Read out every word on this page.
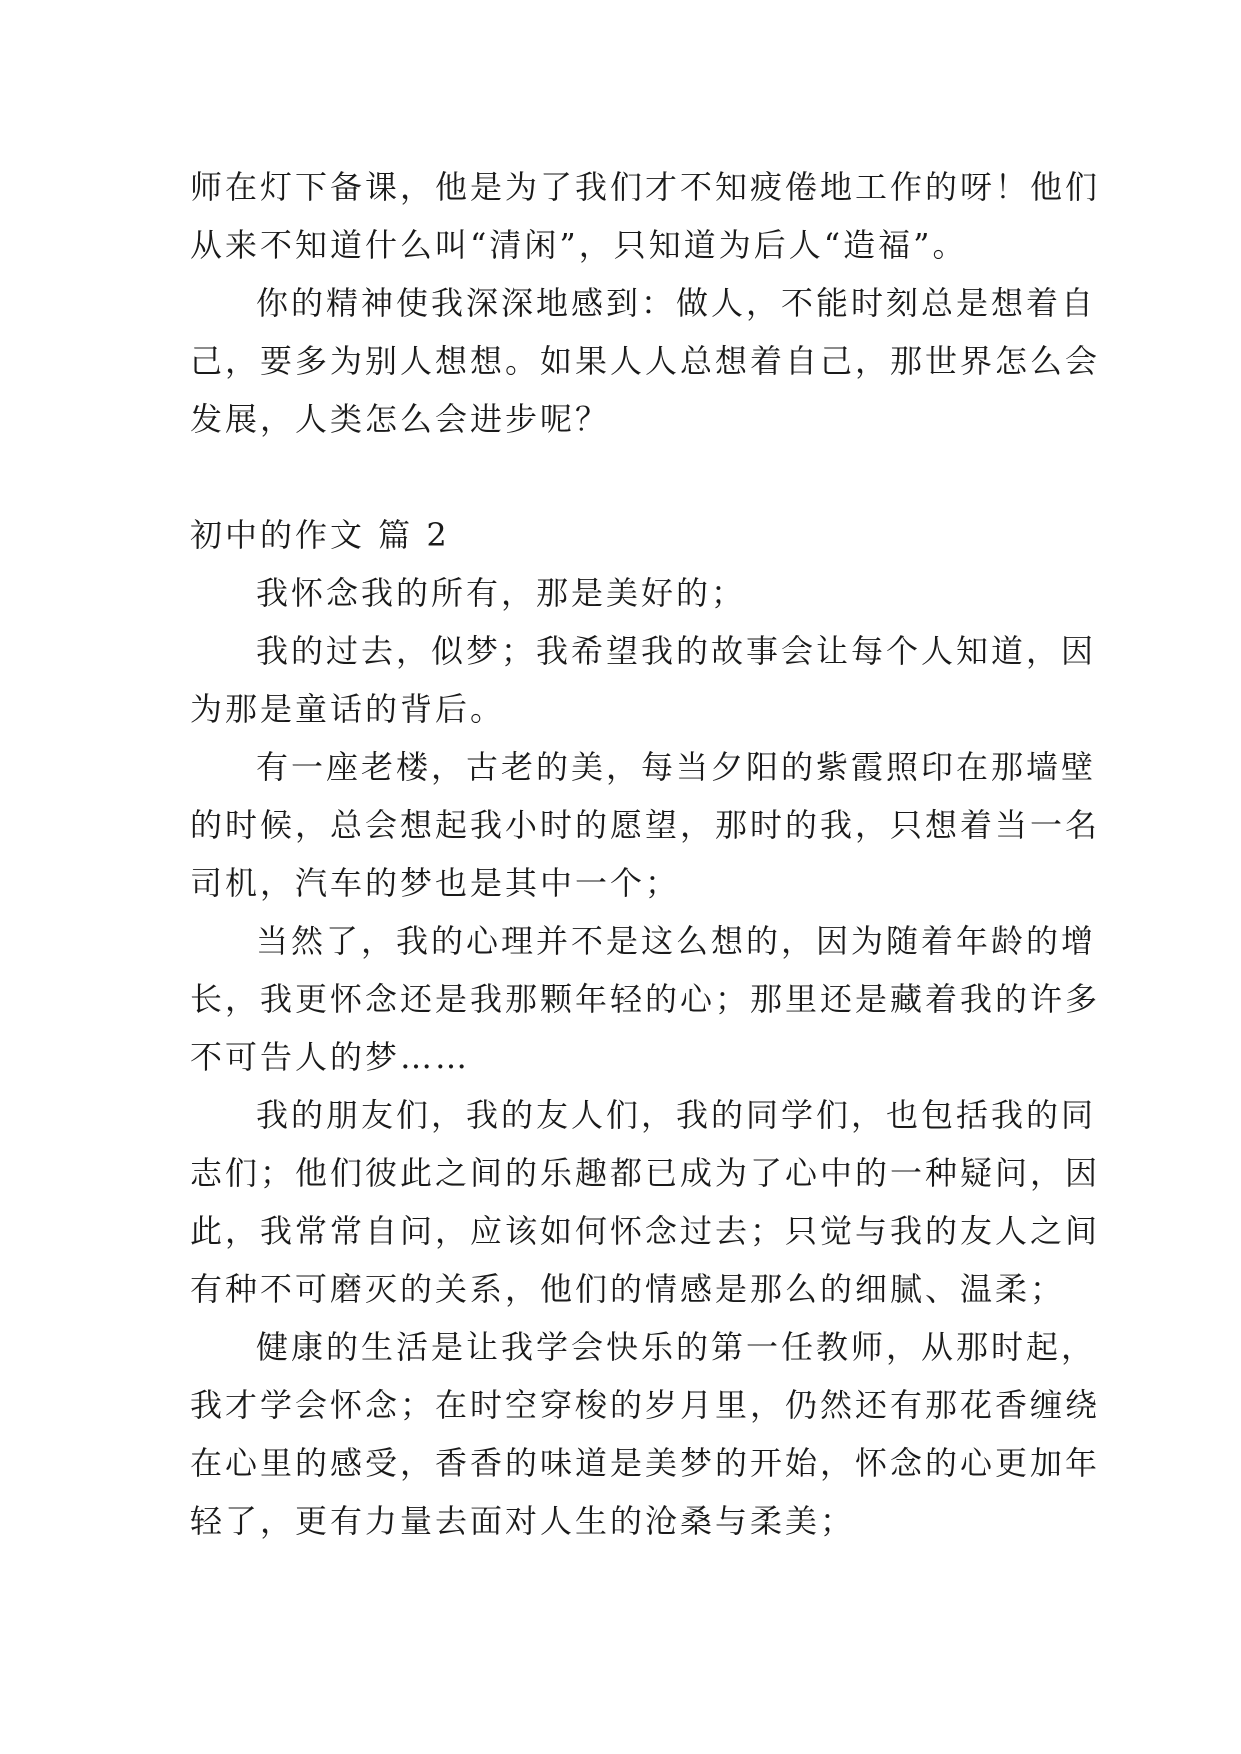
师在灯下备课，他是为了我们才不知疲倦地工作的呀！他们
从来不知道什么叫“清闲”，只知道为后人“造福”。
你的精神使我深深地感到：做人，不能时刻总是想着自
己，要多为别人想想。如果人人总想着自己，那世界怎么会
发展，人类怎么会进步呢？
初中的作文 篇 2
我怀念我的所有，那是美好的；
我的过去，似梦；我希望我的故事会让每个人知道，因
为那是童话的背后。
有一座老楼，古老的美，每当夕阳的紫霞照印在那墙壁
的时候，总会想起我小时的愿望，那时的我，只想着当一名
司机，汽车的梦也是其中一个；
当然了，我的心理并不是这么想的，因为随着年龄的增
长，我更怀念还是我那颗年轻的心；那里还是藏着我的许多
不可告人的梦……
我的朋友们，我的友人们，我的同学们，也包括我的同
志们；他们彼此之间的乐趣都已成为了心中的一种疑问，因
此，我常常自问，应该如何怀念过去；只觉与我的友人之间
有种不可磨灭的关系，他们的情感是那么的细腻、温柔；
健康的生活是让我学会快乐的第一任教师，从那时起，
我才学会怀念；在时空穿梭的岁月里，仍然还有那花香缠绕
在心里的感受，香香的味道是美梦的开始，怀念的心更加年
轻了，更有力量去面对人生的沧桑与柔美；
